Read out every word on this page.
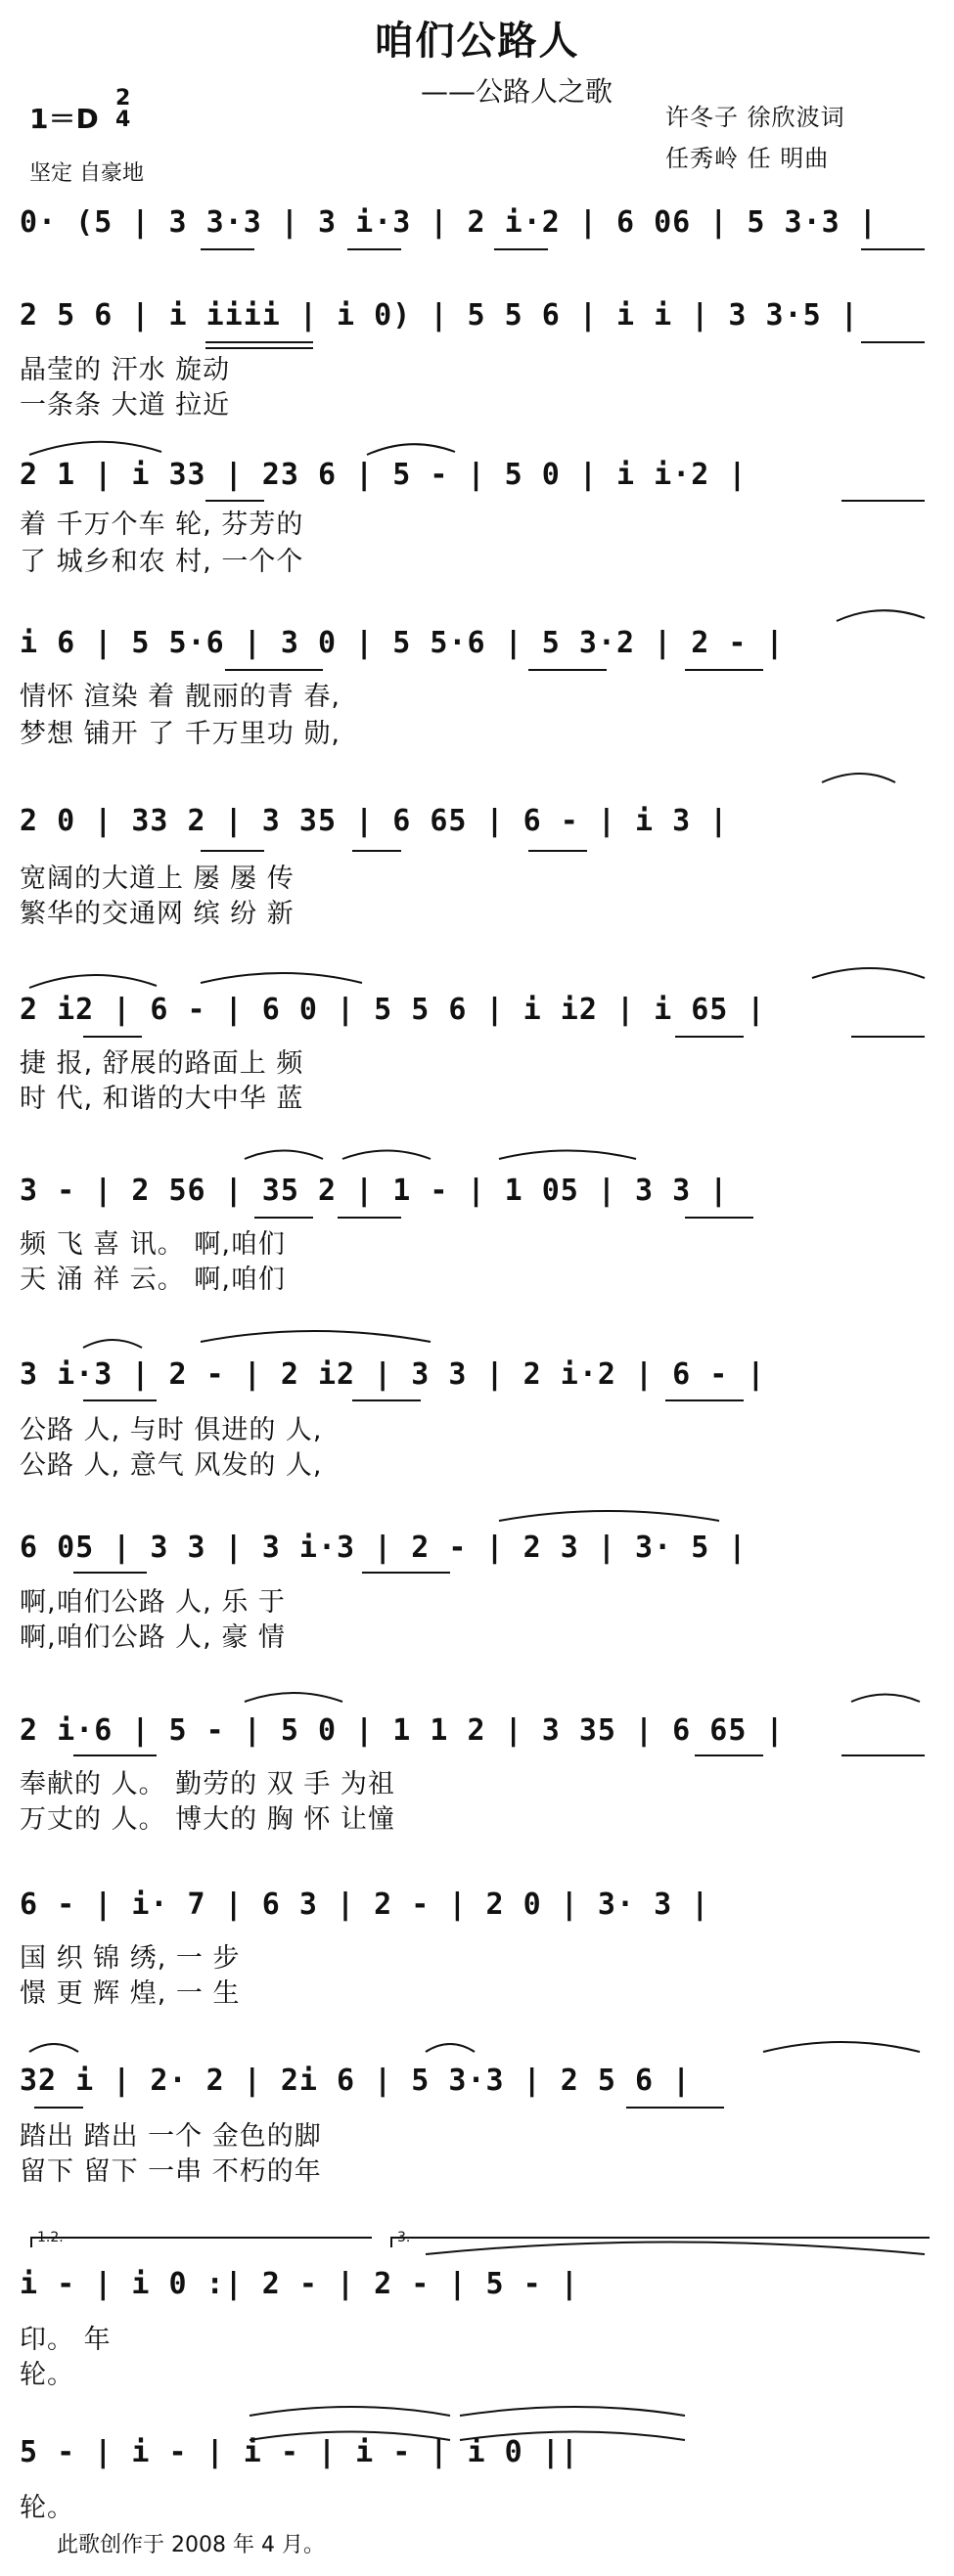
咱们公路人
——公路人之歌
1＝D
2
4
坚定 自豪地
许冬子 徐欣波词
任秀岭 任 明曲
0· (5 | 3 3·3 | 3 i·3 | 2 i·2 | 6 06 | 5 3·3 |
2 5 6 | i iiii | i 0) | 5 5 6 | i i | 3 3·5 |
晶莹的 汗水 旋动
一条条 大道 拉近
2 1 | i 33 | 23 6 | 5 - | 5 0 | i i·2 |
着 千万个车 轮, 芬芳的
了 城乡和农 村, 一个个
i 6 | 5 5·6 | 3 0 | 5 5·6 | 5 3·2 | 2 - |
情怀 渲染 着 靓丽的青 春,
梦想 铺开 了 千万里功 勋,
2 0 | 33 2 | 3 35 | 6 65 | 6 - | i 3 |
宽阔的大道上 屡 屡 传
繁华的交通网 缤 纷 新
2 i2 | 6 - | 6 0 | 5 5 6 | i i2 | i 65 |
捷 报, 舒展的路面上 频
时 代, 和谐的大中华 蓝
3 - | 2 56 | 35 2 | 1 - | 1 05 | 3 3 |
频 飞 喜 讯。 啊,咱们
天 涌 祥 云。 啊,咱们
3 i·3 | 2 - | 2 i2 | 3 3 | 2 i·2 | 6 - |
公路 人, 与时 俱进的 人,
公路 人, 意气 风发的 人,
6 05 | 3 3 | 3 i·3 | 2 - | 2 3 | 3· 5 |
啊,咱们公路 人, 乐 于
啊,咱们公路 人, 豪 情
2 i·6 | 5 - | 5 0 | 1 1 2 | 3 35 | 6 65 |
奉献的 人。 勤劳的 双 手 为祖
万丈的 人。 博大的 胸 怀 让憧
6 - | i· 7 | 6 3 | 2 - | 2 0 | 3· 3 |
国 织 锦 绣, 一 步
憬 更 辉 煌, 一 生
32 i | 2· 2 | 2i 6 | 5 3·3 | 2 5 6 |
踏出 踏出 一个 金色的脚
留下 留下 一串 不朽的年
1.2.	3.
i - | i 0 :| 2 - | 2 - | 5 - |
印。 年
轮。
5 - | i - | i - | i - | i 0 ||
轮。
此歌创作于 2008 年 4 月。
